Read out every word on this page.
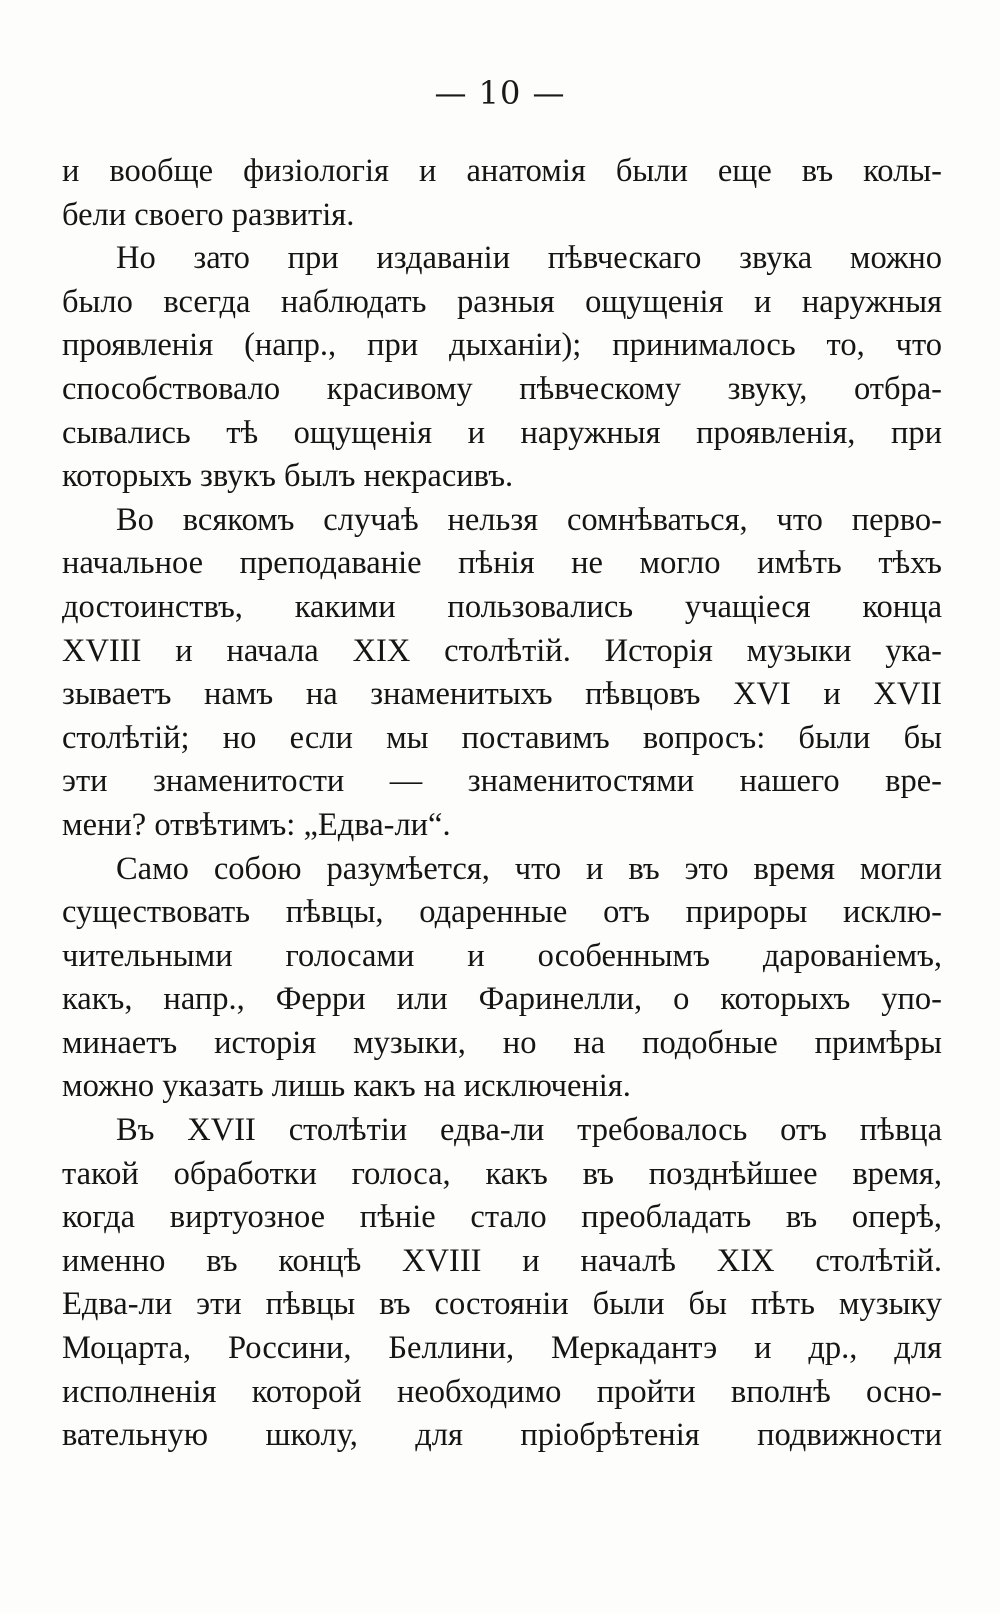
— 10 —
и вообще физіологія и анатомія были еще въ колы-
бели своего развитія.
Но зато при издаваніи пѣвческаго звука можно
было всегда наблюдать разныя ощущенія и наружныя
проявленія (напр., при дыханіи); принималось то, что
способствовало красивому пѣвческому звуку, отбра-
сывались тѣ ощущенія и наружныя проявленія, при
которыхъ звукъ былъ некрасивъ.
Во всякомъ случаѣ нельзя сомнѣваться, что перво-
начальное преподаваніе пѣнія не могло имѣть тѣхъ
достоинствъ, какими пользовались учащіеся конца
XVIII и начала XIX столѣтій. Исторія музыки ука-
зываетъ намъ на знаменитыхъ пѣвцовъ XVI и XVII
столѣтій; но если мы поставимъ вопросъ: были бы
эти знаменитости — знаменитостями нашего вре-
мени? отвѣтимъ: „Едва-ли“.
Само собою разумѣется, что и въ это время могли
существовать пѣвцы, одаренные отъ прироры исклю-
чительными голосами и особеннымъ дарованіемъ,
какъ, напр., Ферри или Фаринелли, о которыхъ упо-
минаетъ исторія музыки, но на подобные примѣры
можно указать лишь какъ на исключенія.
Въ XVII столѣтіи едва-ли требовалось отъ пѣвца
такой обработки голоса, какъ въ позднѣйшее время,
когда виртуозное пѣніе стало преобладать въ оперѣ,
именно въ концѣ XVIII и началѣ XIX столѣтій.
Едва-ли эти пѣвцы въ состояніи были бы пѣть музыку
Моцарта, Россини, Беллини, Меркадантэ и др., для
исполненія которой необходимо пройти вполнѣ осно-
вательную школу, для пріобрѣтенія подвижности
